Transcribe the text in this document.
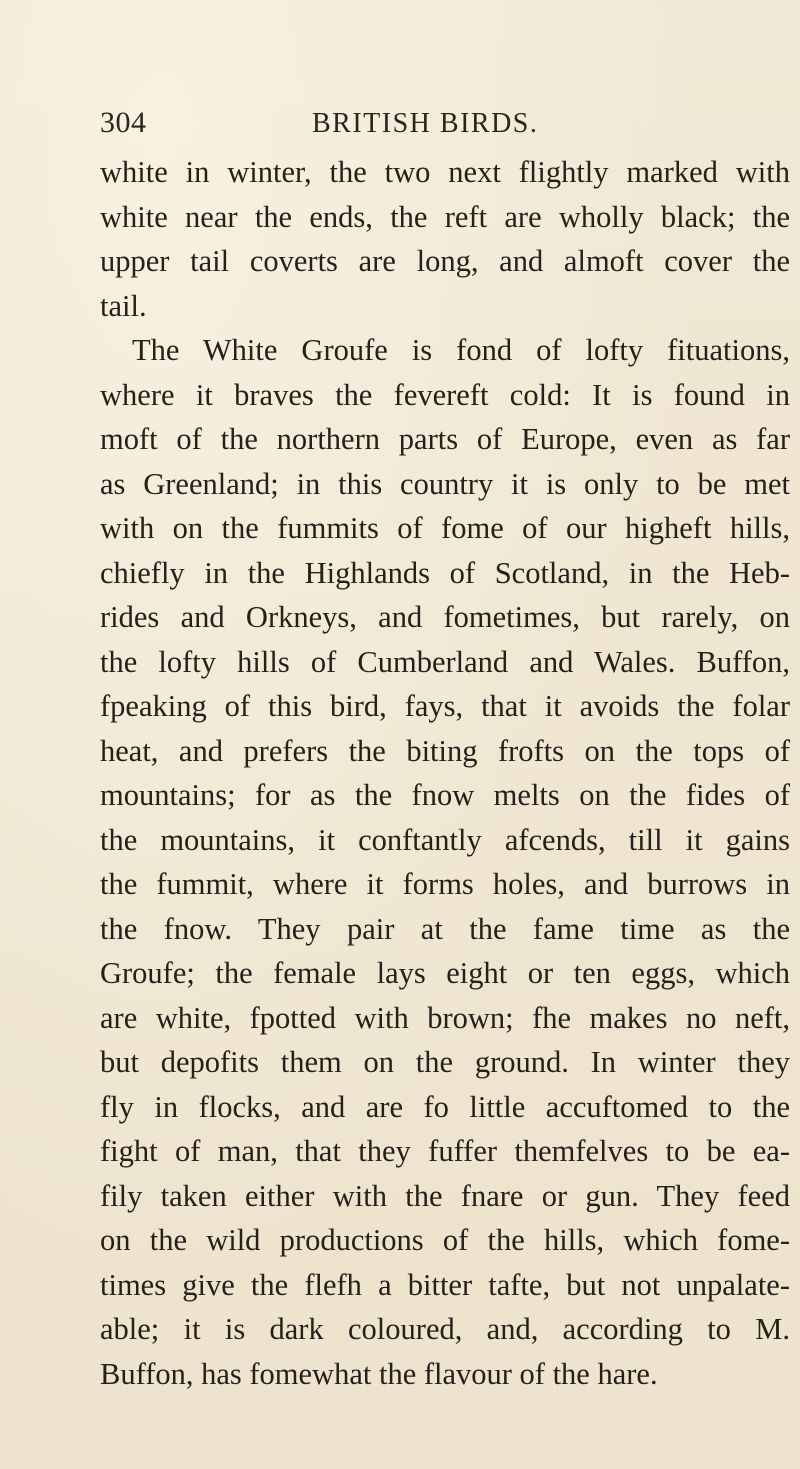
304	BRITISH BIRDS.
white in winter, the two next flightly marked with
white near the ends, the reft are wholly black; the
upper tail coverts are long, and almoft cover the
tail.
The White Groufe is fond of lofty fituations,
where it braves the fevereft cold: It is found in
moft of the northern parts of Europe, even as far
as Greenland; in this country it is only to be met
with on the fummits of fome of our higheft hills,
chiefly in the Highlands of Scotland, in the Heb-
rides and Orkneys, and fometimes, but rarely, on
the lofty hills of Cumberland and Wales. Buffon,
fpeaking of this bird, fays, that it avoids the folar
heat, and prefers the biting frofts on the tops of
mountains; for as the fnow melts on the fides of
the mountains, it conftantly afcends, till it gains
the fummit, where it forms holes, and burrows in
the fnow. They pair at the fame time as the
Groufe; the female lays eight or ten eggs, which
are white, fpotted with brown; fhe makes no neft,
but depofits them on the ground. In winter they
fly in flocks, and are fo little accuftomed to the
fight of man, that they fuffer themfelves to be ea-
fily taken either with the fnare or gun. They feed
on the wild productions of the hills, which fome-
times give the flefh a bitter tafte, but not unpalate-
able; it is dark coloured, and, according to M.
Buffon, has fomewhat the flavour of the hare.
